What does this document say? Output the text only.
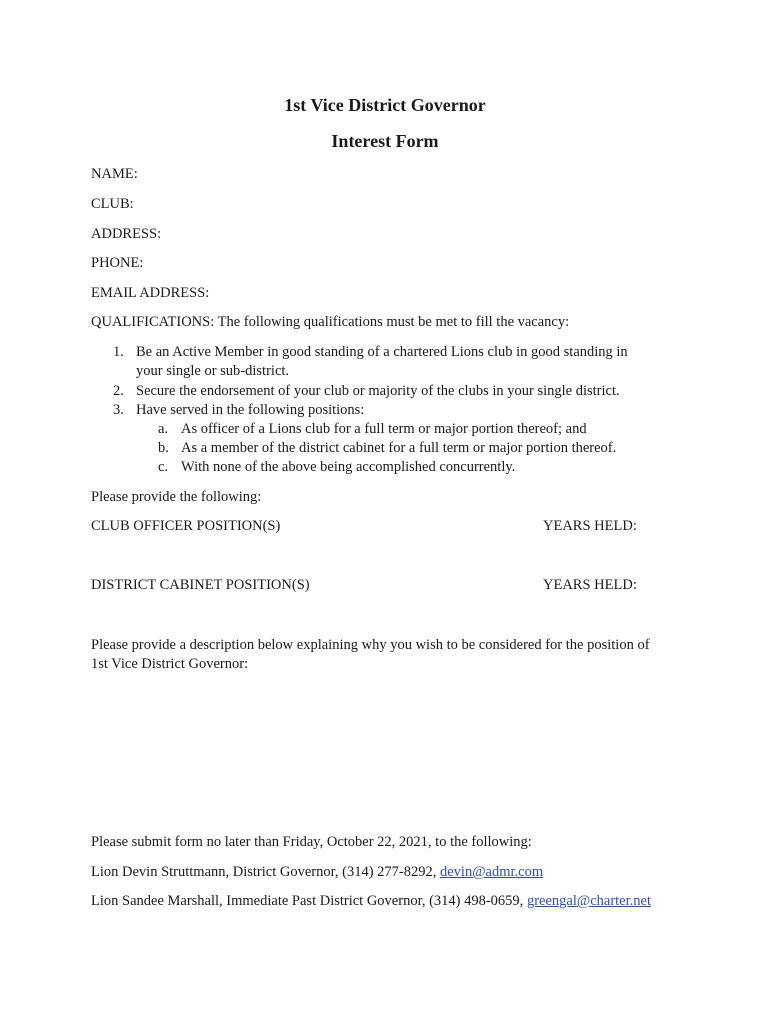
1st Vice District Governor
Interest Form
NAME:
CLUB:
ADDRESS:
PHONE:
EMAIL ADDRESS:
QUALIFICATIONS: The following qualifications must be met to fill the vacancy:
1. Be an Active Member in good standing of a chartered Lions club in good standing in
your single or sub-district.
2. Secure the endorsement of your club or majority of the clubs in your single district.
3. Have served in the following positions:
a. As officer of a Lions club for a full term or major portion thereof; and
b. As a member of the district cabinet for a full term or major portion thereof.
c. With none of the above being accomplished concurrently.
Please provide the following:
CLUB OFFICER POSITION(S)	YEARS HELD:
DISTRICT CABINET POSITION(S)	YEARS HELD:
Please provide a description below explaining why you wish to be considered for the position of
1st Vice District Governor:
Please submit form no later than Friday, October 22, 2021, to the following:
Lion Devin Struttmann, District Governor, (314) 277-8292, devin@admr.com
Lion Sandee Marshall, Immediate Past District Governor, (314) 498-0659, greengal@charter.net
